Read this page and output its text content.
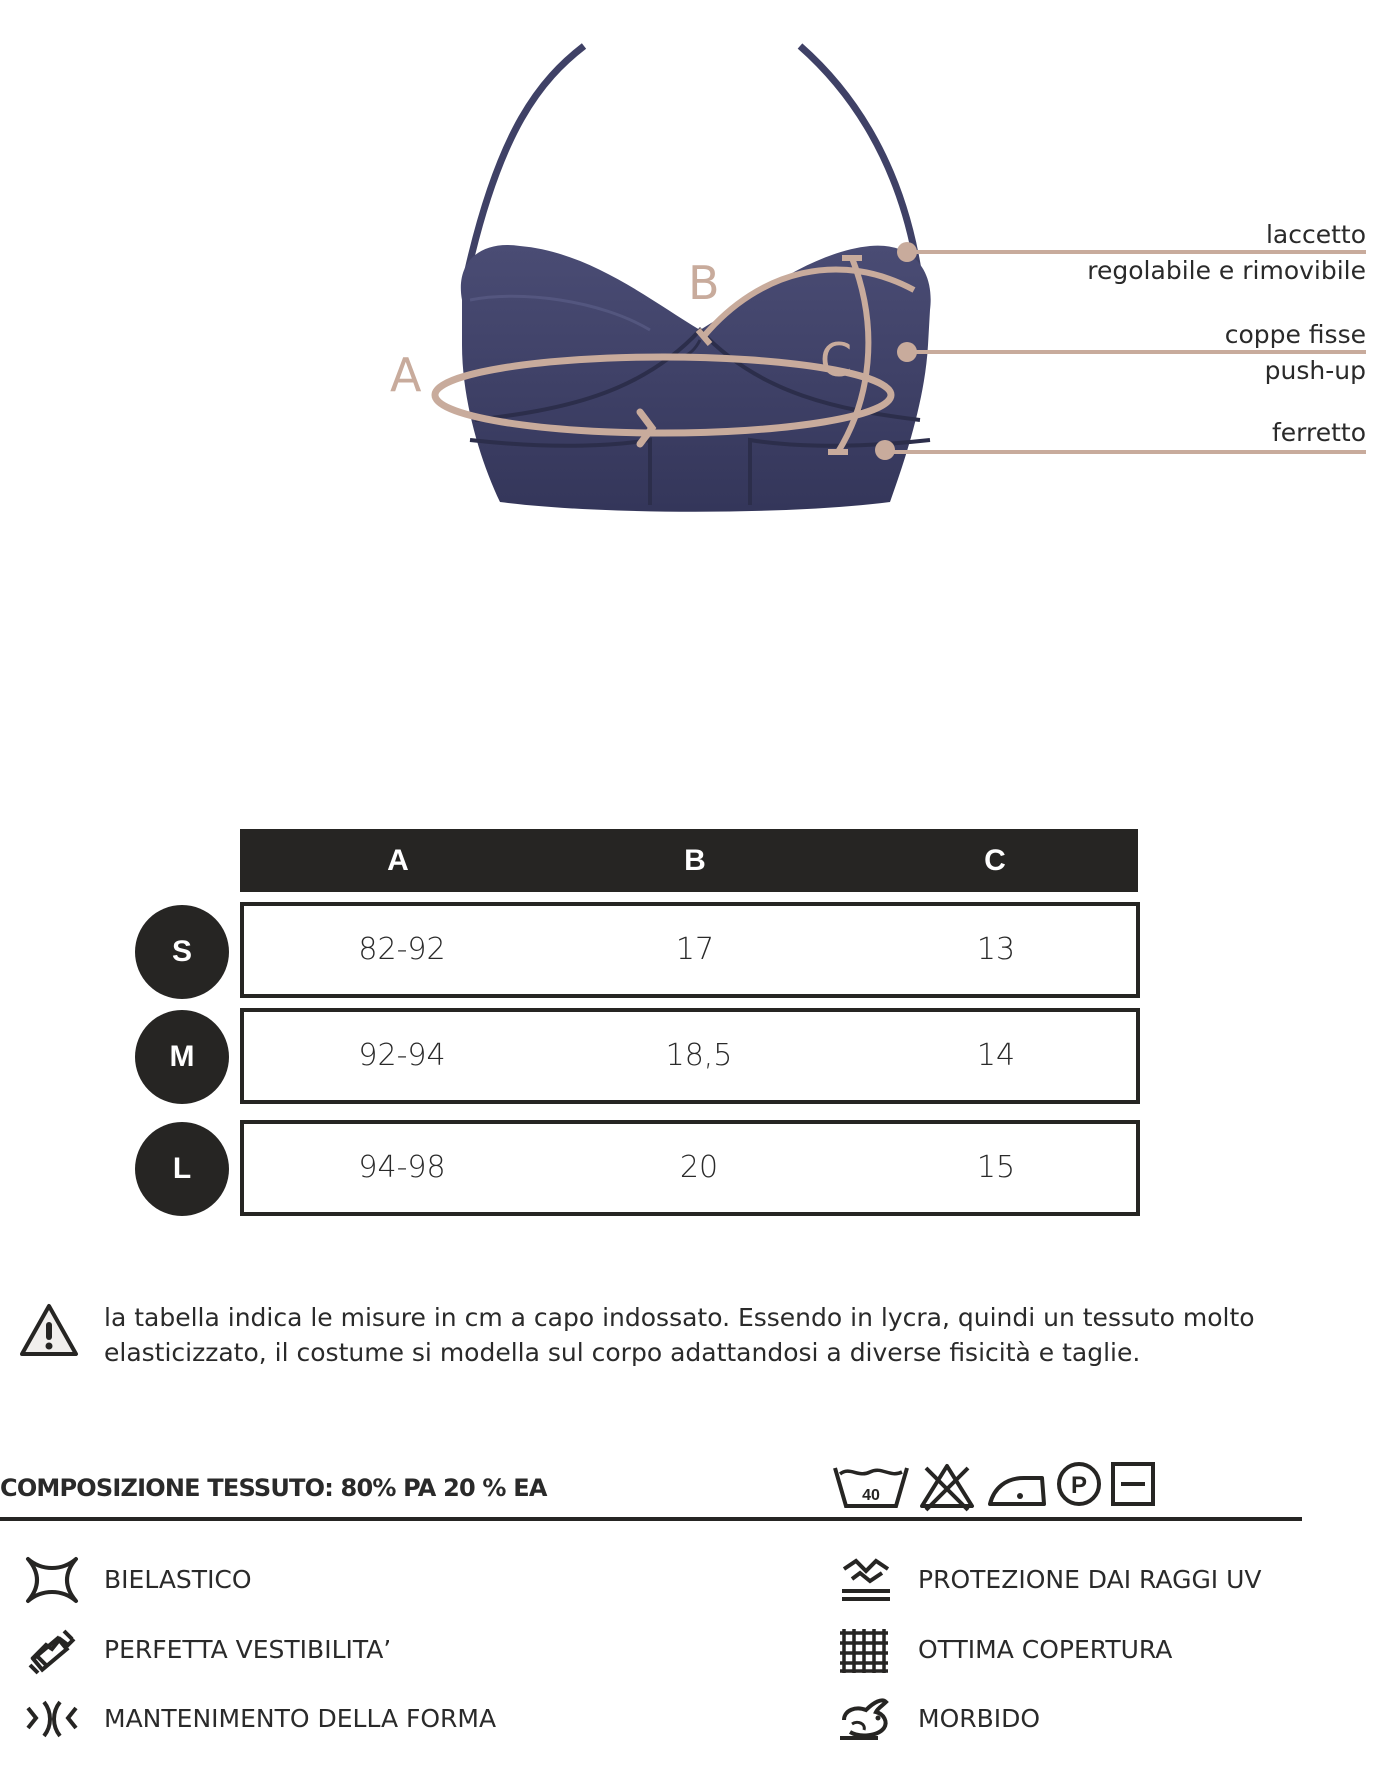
A
B
C
laccetto
regolabile e rimovibile
coppe fisse
push-up
ferretto
A	B	C
S	82-92	17	13
M	92-94	18,5	14
L	94-98	20	15
la tabella indica le misure in cm a capo indossato. Essendo in lycra, quindi un tessuto molto elasticizzato, il costume si modella sul corpo adattandosi a diverse fisicità e taglie.
COMPOSIZIONE TESSUTO: 80% PA 20 % EA	40	P
BIELASTICO
PERFETTA VESTIBILITA’
MANTENIMENTO DELLA FORMA
PROTEZIONE DAI RAGGI UV
OTTIMA COPERTURA
MORBIDO
